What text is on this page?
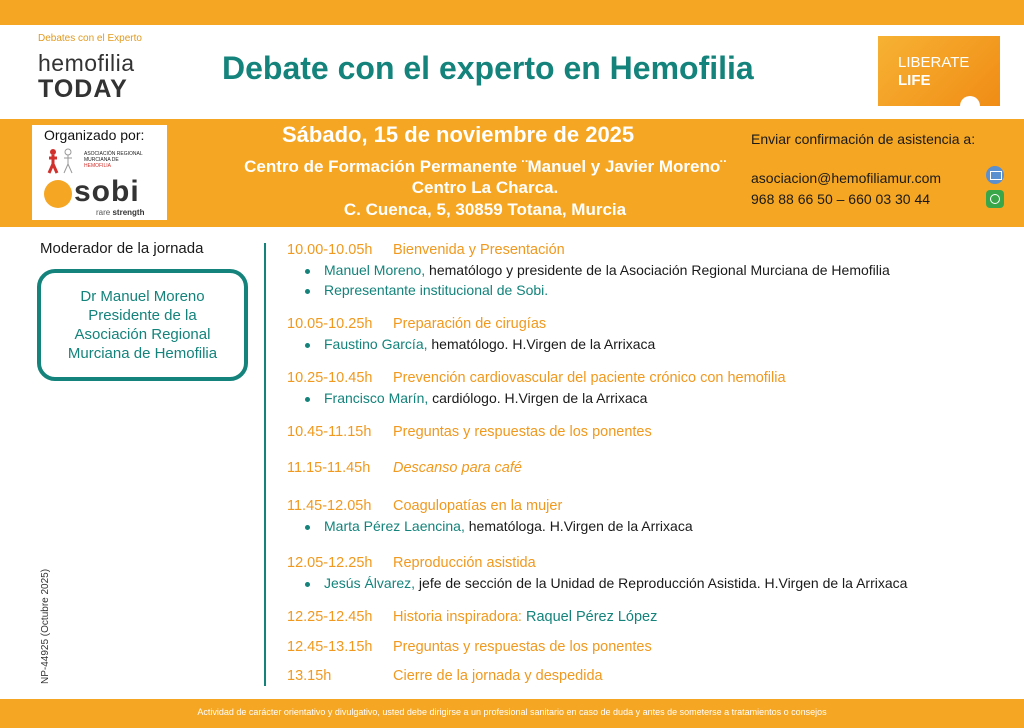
Debates con el Experto
hemofilia
TODAY
Debate con el experto en Hemofilia	LIBERATE
LIFE
Organizado por:
ASOCIACIÓN REGIONAL
MURCIANA DE
HEMOFILIA
sobi
rare strength
Sábado, 15 de noviembre de 2025
Centro de Formación Permanente ¨Manuel y Javier Moreno¨ Centro La Charca.
C. Cuenca, 5, 30859 Totana, Murcia
Enviar confirmación de asistencia a:
asociacion@hemofiliamur.com
968 88 66 50 – 660 03 30 44
Moderador de la jornada
Dr Manuel Moreno
Presidente de la
Asociación Regional
Murciana de Hemofilia
NP-44925 (Octubre 2025)
10.00-10.05h Bienvenida y Presentación
Manuel Moreno, hematólogo y presidente de la Asociación Regional Murciana de Hemofilia
Representante institucional de Sobi.
10.05-10.25h Preparación de cirugías
Faustino García, hematólogo. H.Virgen de la Arrixaca
10.25-10.45h Prevención cardiovascular del paciente crónico con hemofilia
Francisco Marín, cardiólogo. H.Virgen de la Arrixaca
10.45-11.15h Preguntas y respuestas de los ponentes
11.15-11.45h Descanso para café
11.45-12.05h Coagulopatías en la mujer
Marta Pérez Laencina, hematóloga. H.Virgen de la Arrixaca
12.05-12.25h Reproducción asistida
Jesús Álvarez, jefe de sección de la Unidad de Reproducción Asistida. H.Virgen de la Arrixaca
12.25-12.45h Historia inspiradora: Raquel Pérez López
12.45-13.15h Preguntas y respuestas de los ponentes
13.15h	Cierre de la jornada y despedida
Actividad de carácter orientativo y divulgativo, usted debe dirigirse a un profesional sanitario en caso de duda y antes de someterse a tratamientos o consejos
